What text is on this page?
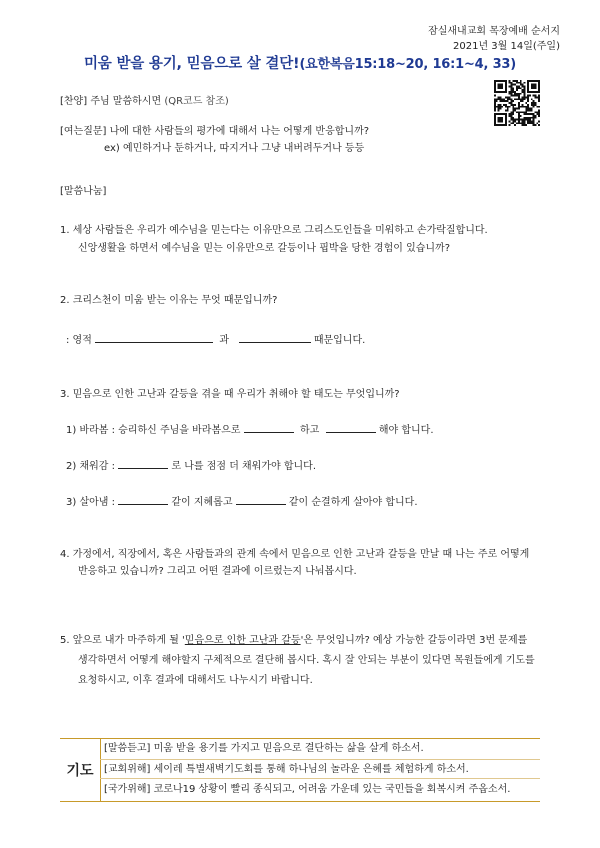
잠실새내교회 목장예배 순서지
2021년 3월 14일(주일)
미움 받을 용기, 믿음으로 살 결단!(요한복음15:18~20, 16:1~4, 33)
[찬양] 주님 말씀하시면 (QR코드 참조)
[여는질문] 나에 대한 사람들의 평가에 대해서 나는 어떻게 반응합니까?
ex) 예민하거나 둔하거나, 따지거나 그냥 내버려두거나 등등
[말씀나눔]
1. 세상 사람들은 우리가 예수님을 믿는다는 이유만으로 그리스도인들을 미워하고 손가락질합니다.
신앙생활을 하면서 예수님을 믿는 이유만으로 갈등이나 핍박을 당한 경험이 있습니까?
2. 크리스천이 미움 받는 이유는 무엇 때문입니까?
: 영적	과	때문입니다.
3. 믿음으로 인한 고난과 갈등을 겪을 때 우리가 취해야 할 태도는 무엇입니까?
1) 바라봄 : 승리하신 주님을 바라봄으로	하고	해야 합니다.
2) 채워감 :	로 나를 점점 더 채워가야 합니다.
3) 살아냄 :	같이 지혜롭고	같이 순결하게 살아야 합니다.
4. 가정에서, 직장에서, 혹은 사람들과의 관계 속에서 믿음으로 인한 고난과 갈등을 만날 때 나는 주로 어떻게
반응하고 있습니까? 그리고 어떤 결과에 이르렀는지 나눠봅시다.
5. 앞으로 내가 마주하게 될 '믿음으로 인한 고난과 갈등'은 무엇입니까? 예상 가능한 갈등이라면 3번 문제를
생각하면서 어떻게 해야할지 구체적으로 결단해 봅시다. 혹시 잘 안되는 부분이 있다면 목원들에게 기도를
요청하시고, 이후 결과에 대해서도 나누시기 바랍니다.
기도
[말씀듣고] 미움 받을 용기를 가지고 믿음으로 결단하는 삶을 살게 하소서.
[교회위해] 세이레 특별새벽기도회를 통해 하나님의 놀라운 은혜를 체험하게 하소서.
[국가위해] 코로나19 상황이 빨리 종식되고, 어려움 가운데 있는 국민들을 회복시켜 주옵소서.
